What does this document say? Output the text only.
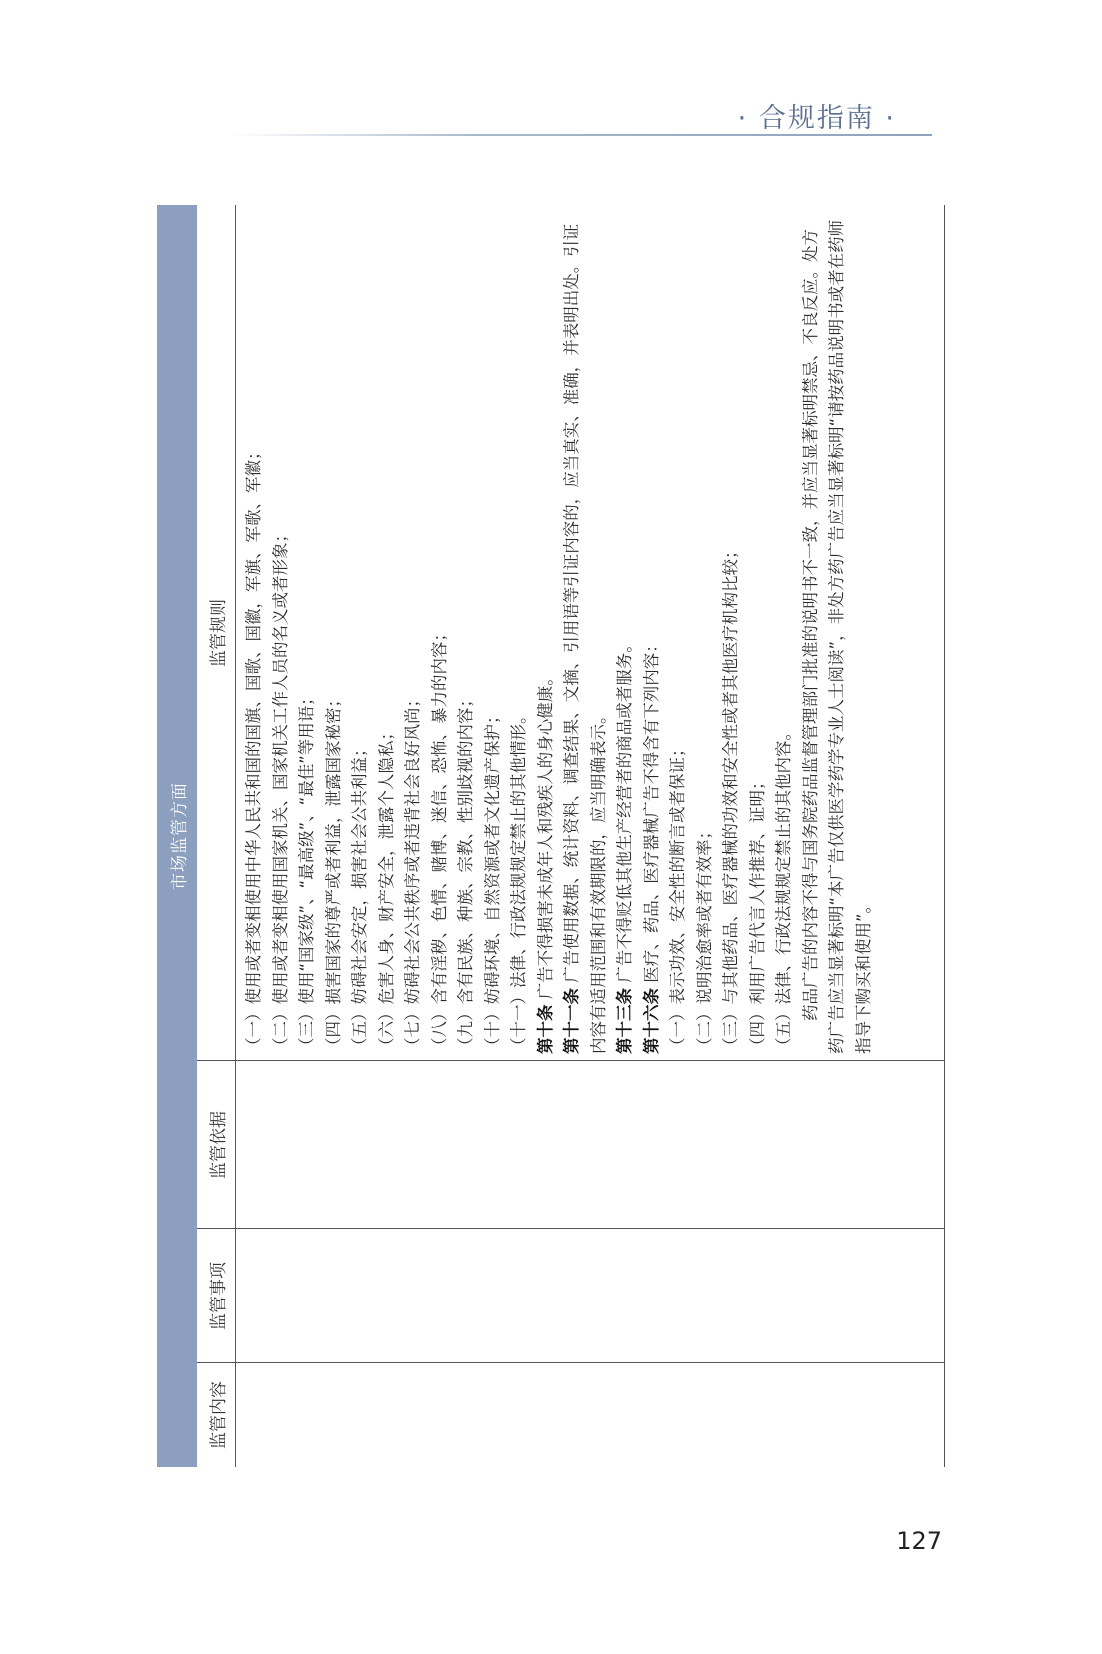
· 合规指南 ·
市场监管方面
监管内容
监管事项
监管依据
监管规则 （一）使用或者变相使用中华人民共和国的国旗、国歌、国徽，军旗、军歌、军徽； （二）使用或者变相使用国家机关、国家机关工作人员的名义或者形象； （三）使用“国家级”、“最高级”、“最佳”等用语； （四）损害国家的尊严或者利益，泄露国家秘密； （五）妨碍社会安定，损害社会公共利益； （六）危害人身、财产安全，泄露个人隐私； （七）妨碍社会公共秩序或者违背社会良好风尚； （八）含有淫秽、色情、赌博、迷信、恐怖、暴力的内容； （九）含有民族、种族、宗教、性别歧视的内容； （十）妨碍环境、自然资源或者文化遗产保护； （十一）法律、行政法规规定禁止的其他情形。 第十条 广告不得损害未成年人和残疾人的身心健康。

第十一条 广告使用数据、统计资料、调查结果、文摘、引用语等引证内容的，应当真实、准确，并表明出处。引证内容有适用范围和有效期限的，应当明确表示。 第十三条 广告不得贬低其他生产经营者的商品或者服务。

第十六条 医疗、药品、医疗器械广告不得含有下列内容： （一）表示功效、安全性的断言或者保证； （二）说明治愈率或者有效率； （三）与其他药品、医疗器械的功效和安全性或者其他医疗机构比较； （四）利用广告代言人作推荐、证明； （五）法律、行政法规规定禁止的其他内容。 药品广告的内容不得与国务院药品监督管理部门批准的说明书不一致，并应当显著标明禁忌、不良反应。处方药广告应当显著标明“本广告仅供医学药学专业人士阅读”，非处方药广告应当显著标明“请按药品说明书或者在药师指导下购买和使用”。

127
